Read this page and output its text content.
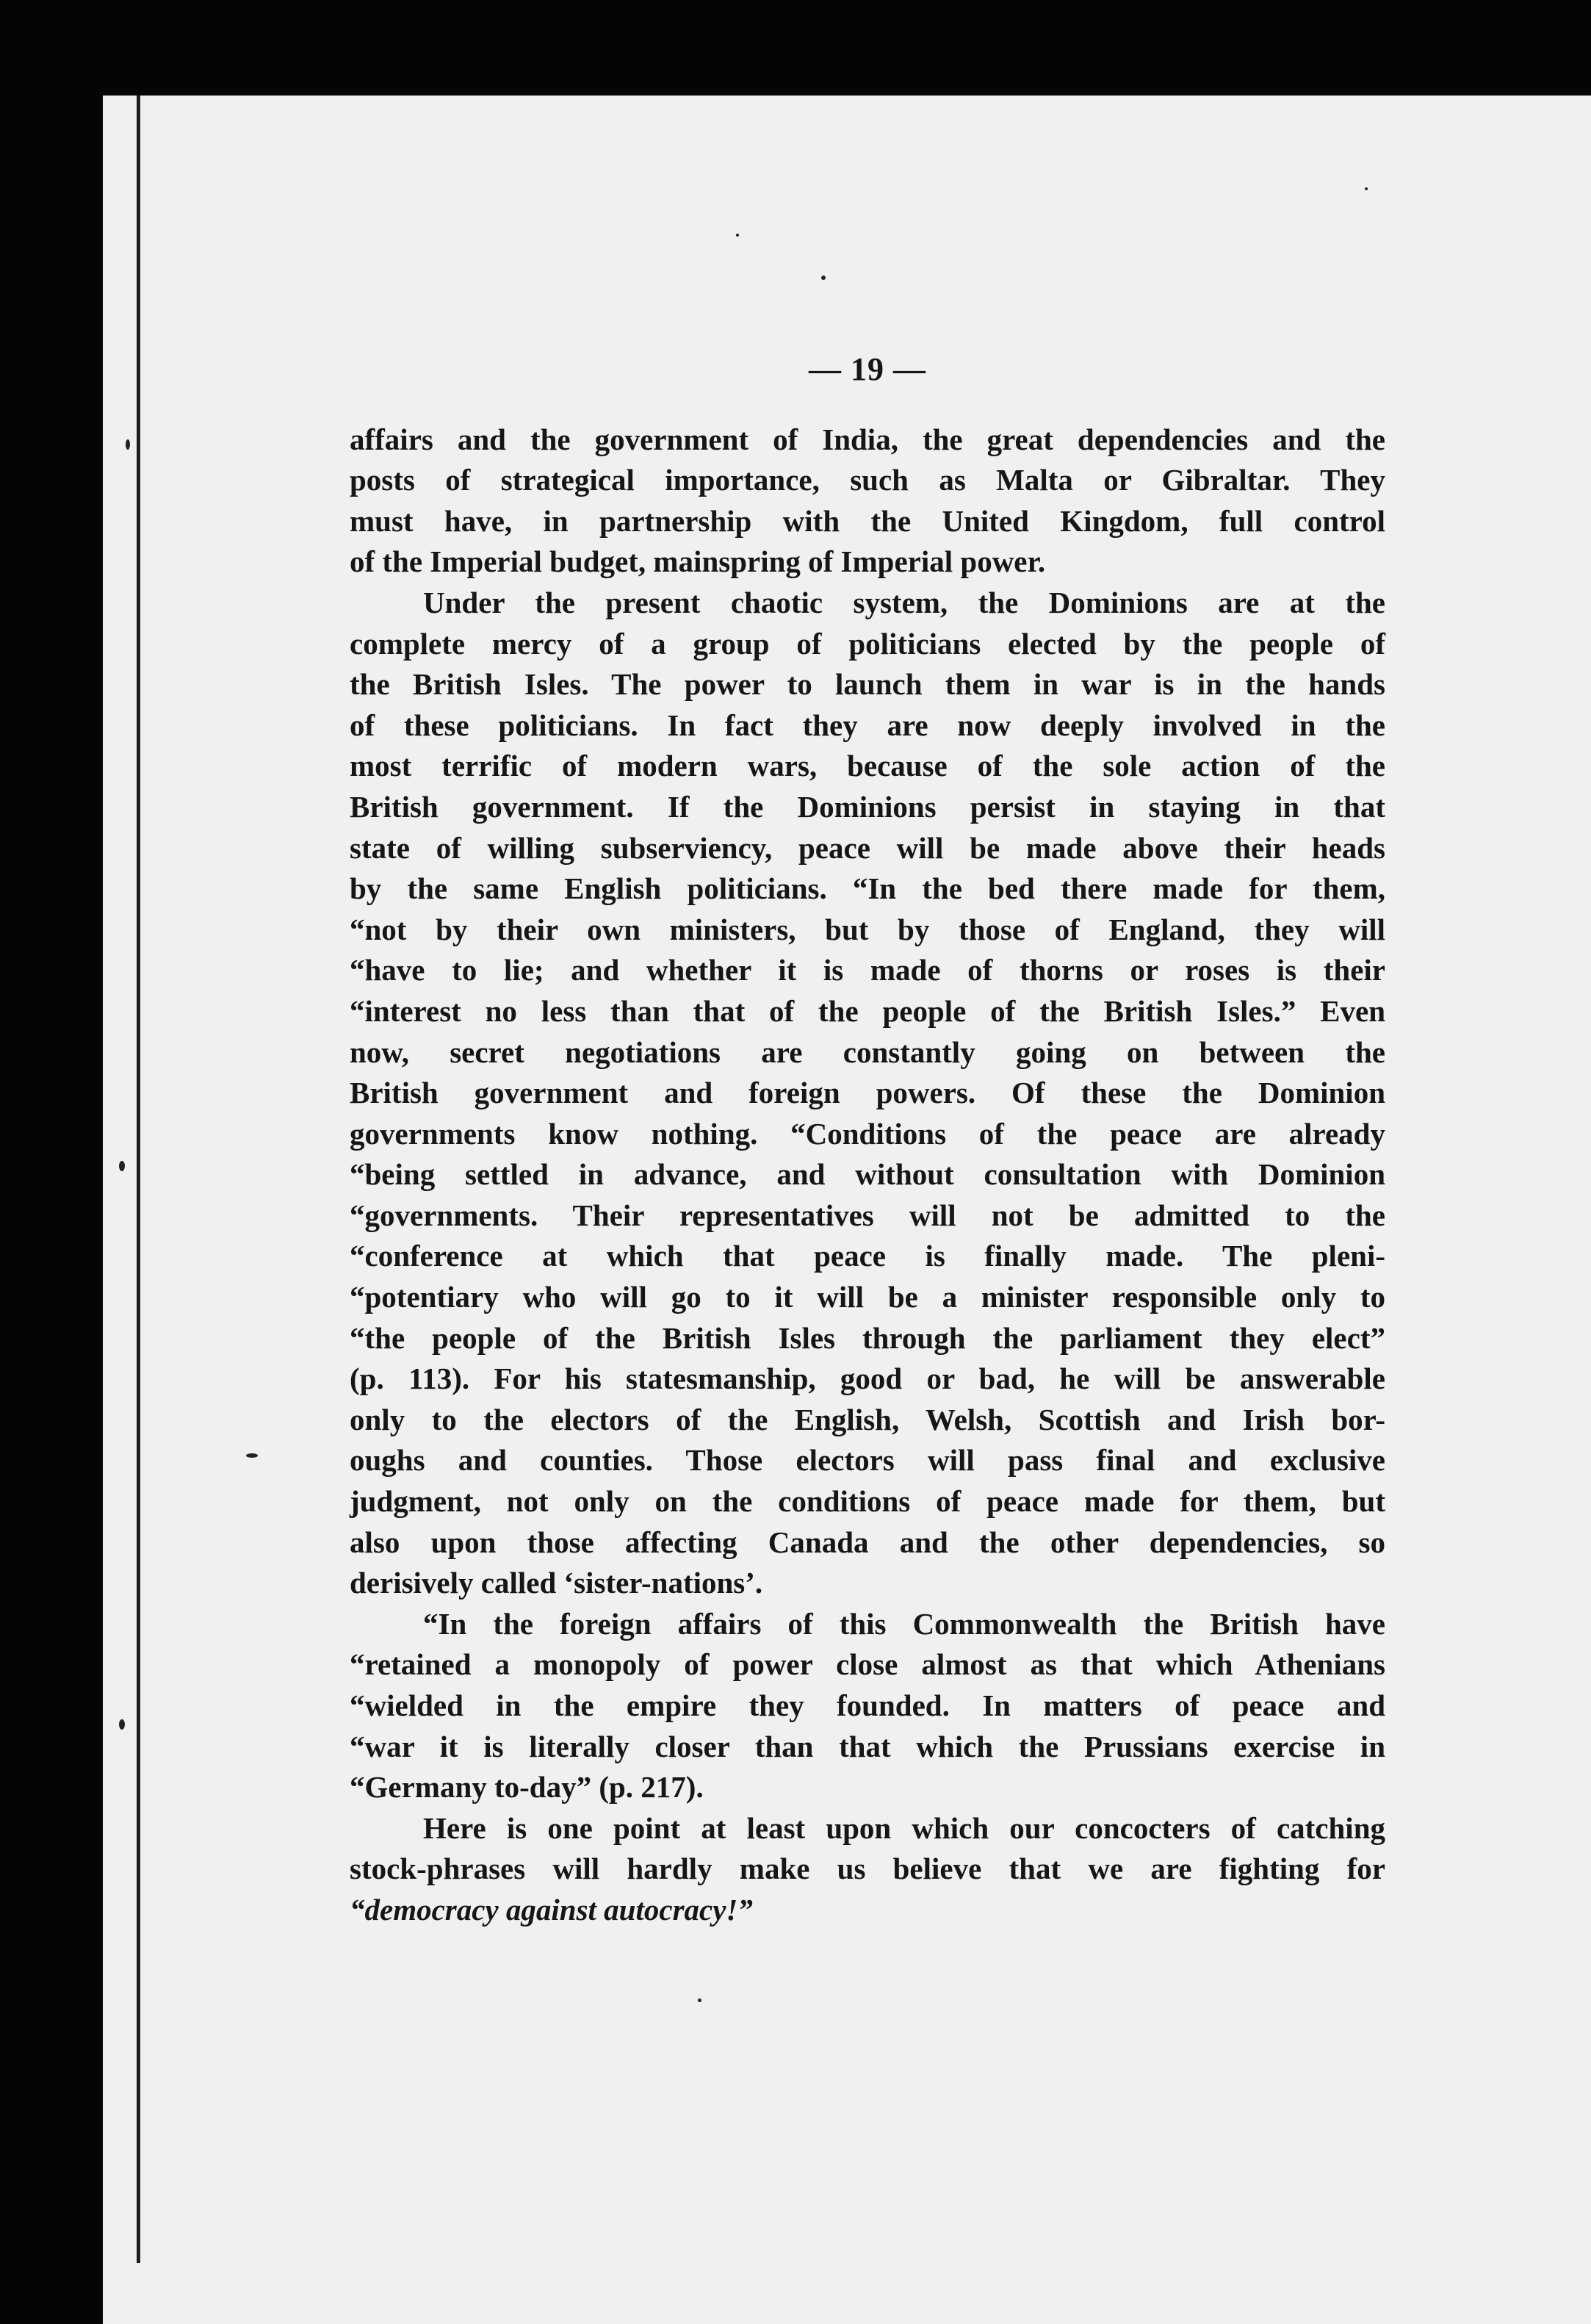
— 19 —

affairs and the government of India, the great dependencies and the
posts of strategical importance, such as Malta or Gibraltar. They
must have, in partnership with the United Kingdom, full control
of the Imperial budget, mainspring of Imperial power.

Under the present chaotic system, the Dominions are at the
complete mercy of a group of politicians elected by the people of
the British Isles. The power to launch them in war is in the hands
of these politicians. In fact they are now deeply involved in the
most terrific of modern wars, because of the sole action of the
British government. If the Dominions persist in staying in that
state of willing subserviency, peace will be made above their heads
by the same English politicians. “In the bed there made for them,
“not by their own ministers, but by those of England, they will
“have to lie; and whether it is made of thorns or roses is their
“interest no less than that of the people of the British Isles.” Even
now, secret negotiations are constantly going on between the
British government and foreign powers. Of these the Dominion
governments know nothing. “Conditions of the peace are already
“being settled in advance, and without consultation with Dominion
“governments. Their representatives will not be admitted to the
“conference at which that peace is finally made. The pleni-
“potentiary who will go to it will be a minister responsible only to
“the people of the British Isles through the parliament they elect”
(p. 113). For his statesmanship, good or bad, he will be answerable
only to the electors of the English, Welsh, Scottish and Irish bor-
oughs and counties. Those electors will pass final and exclusive
judgment, not only on the conditions of peace made for them, but
also upon those affecting Canada and the other dependencies, so
derisively called ‘sister-nations’.

“In the foreign affairs of this Commonwealth the British have
“retained a monopoly of power close almost as that which Athenians
“wielded in the empire they founded. In matters of peace and
“war it is literally closer than that which the Prussians exercise in
“Germany to-day” (p. 217).

Here is one point at least upon which our concocters of catching
stock-phrases will hardly make us believe that we are fighting for
“democracy against autocracy!”
